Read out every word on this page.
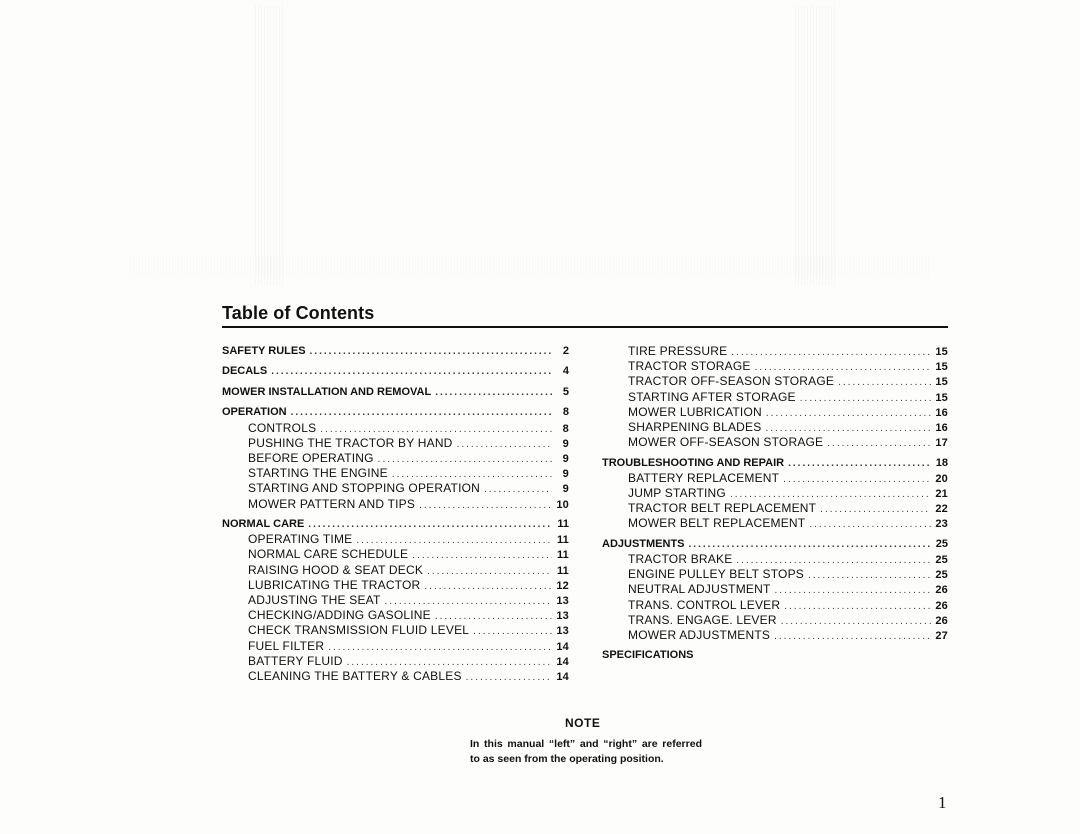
Table of Contents
SAFETY RULES .....	2
DECALS .....	4
MOWER INSTALLATION AND REMOVAL .....	5
OPERATION .....	8
CONTROLS .....	8
PUSHING THE TRACTOR BY HAND .....	9
BEFORE OPERATING .....	9
STARTING THE ENGINE .....	9
STARTING AND STOPPING OPERATION .....	9
MOWER PATTERN AND TIPS .....	10
NORMAL CARE .....	11
OPERATING TIME .....	11
NORMAL CARE SCHEDULE .....	11
RAISING HOOD & SEAT DECK .....	11
LUBRICATING THE TRACTOR .....	12
ADJUSTING THE SEAT .....	13
CHECKING/ADDING GASOLINE .....	13
CHECK TRANSMISSION FLUID LEVEL .....	13
FUEL FILTER .....	14
BATTERY FLUID .....	14
CLEANING THE BATTERY & CABLES .....	14
TIRE PRESSURE .....	15
TRACTOR STORAGE .....	15
TRACTOR OFF-SEASON STORAGE .....	15
STARTING AFTER STORAGE .....	15
MOWER LUBRICATION .....	16
SHARPENING BLADES .....	16
MOWER OFF-SEASON STORAGE .....	17
TROUBLESHOOTING AND REPAIR .....	18
BATTERY REPLACEMENT .....	20
JUMP STARTING .....	21
TRACTOR BELT REPLACEMENT .....	22
MOWER BELT REPLACEMENT .....	23
ADJUSTMENTS .....	25
TRACTOR BRAKE .....	25
ENGINE PULLEY BELT STOPS .....	25
NEUTRAL ADJUSTMENT .....	26
TRANS. CONTROL LEVER .....	26
TRANS. ENGAGE. LEVER .....	26
MOWER ADJUSTMENTS .....	27
SPECIFICATIONS
NOTE
In this manual “left” and “right” are referred to as seen from the operating position.
1
